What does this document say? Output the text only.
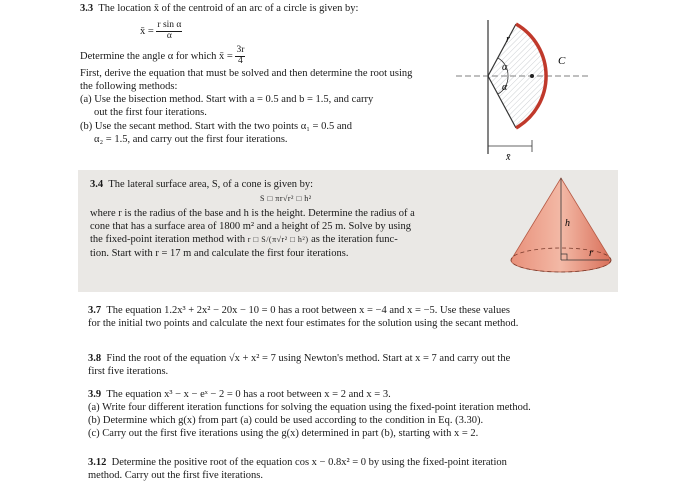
3.3 The location x̄ of the centroid of an arc of a circle is given by:
x̄ = $\frac{\text{r sin α}}{\alpha}$
Determine the angle α for which x̄ = $\frac{3r}{4}$
First, derive the equation that must be solved and then determine the root using
the following methods:
(a) Use the bisection method. Start with a = 0.5 and b = 1.5, and carry
out the first four iterations.
(b) Use the secant method. Start with the two points α₁ = 0.5 and
α₂ = 1.5, and carry out the first four iterations.
r
α
α
C
x̄
3.4 The lateral surface area, S, of a cone is given by:
S □ πr√r² □ h²
where r is the radius of the base and h is the height. Determine the radius of a
cone that has a surface area of 1800 m² and a height of 25 m. Solve by using
the fixed-point iteration method with r □ S/(π√r² □ h²) as the iteration func-
tion. Start with r = 17 m and calculate the first four iterations.
h
r
3.7 The equation 1.2x³ + 2x² − 20x − 10 = 0 has a root between x = −4 and x = −5. Use these values
for the initial two points and calculate the next four estimates for the solution using the secant method.
3.8 Find the root of the equation √x + x² = 7 using Newton's method. Start at x = 7 and carry out the
first five iterations.
3.9 The equation x³ − x − eˣ − 2 = 0 has a root between x = 2 and x = 3.
(a) Write four different iteration functions for solving the equation using the fixed-point iteration method.
(b) Determine which g(x) from part (a) could be used according to the condition in Eq. (3.30).
(c) Carry out the first five iterations using the g(x) determined in part (b), starting with x = 2.
3.12 Determine the positive root of the equation cos x − 0.8x² = 0 by using the fixed-point iteration
method. Carry out the first five iterations.
